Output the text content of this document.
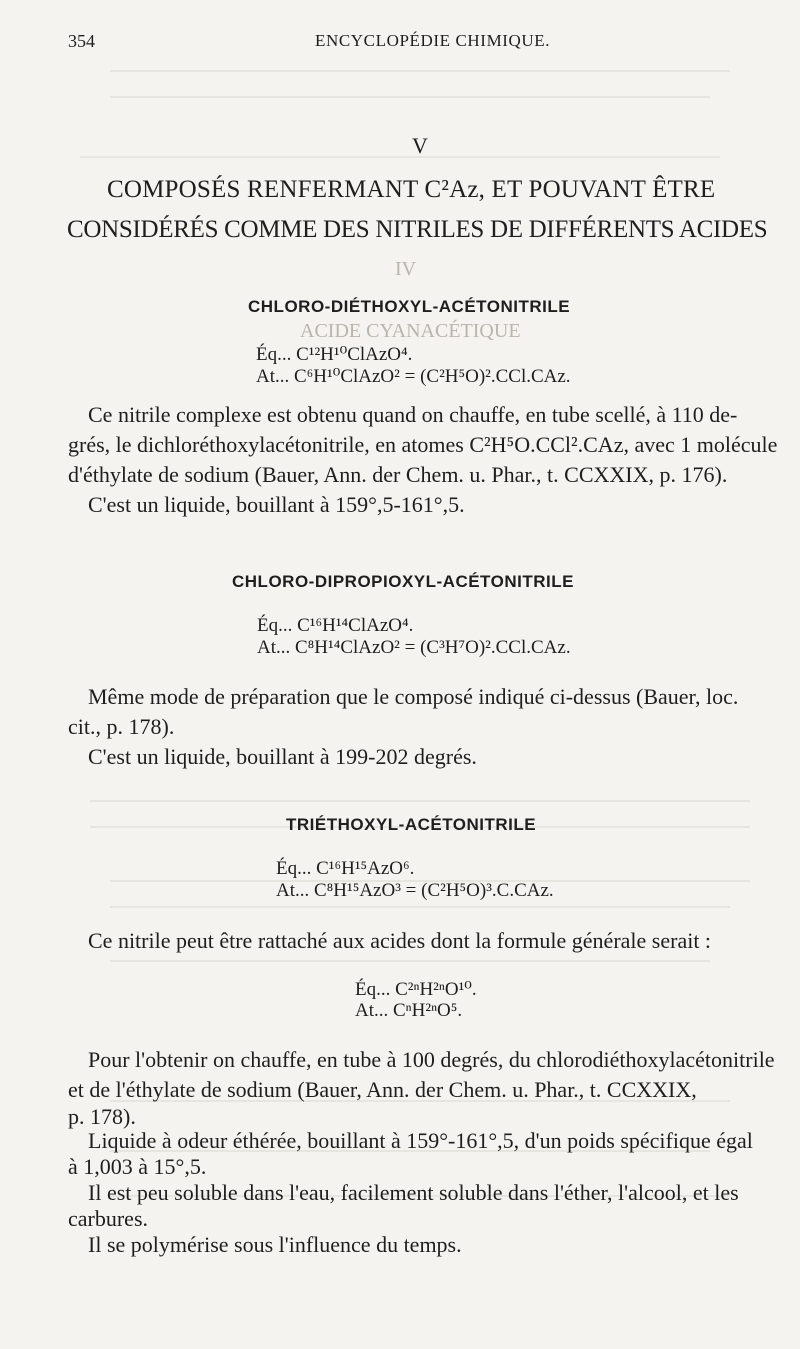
IV
ACIDE CYANACÉTIQUE
354	ENCYCLOPÉDIE CHIMIQUE.
V
COMPOSÉS RENFERMANT C²Az, ET POUVANT ÊTRE
CONSIDÉRÉS COMME DES NITRILES DE DIFFÉRENTS ACIDES
CHLORO-DIÉTHOXYL-ACÉTONITRILE
Éq... C¹²H¹⁰ClAzO⁴.
At... C⁶H¹⁰ClAzO² = (C²H⁵O)².CCl.CAz.
Ce nitrile complexe est obtenu quand on chauffe, en tube scellé, à 110 de-
grés, le dichloréthoxylacétonitrile, en atomes C²H⁵O.CCl².CAz, avec 1 molécule
d'éthylate de sodium (Bauer, Ann. der Chem. u. Phar., t. CCXXIX, p. 176).
C'est un liquide, bouillant à 159°,5-161°,5.
CHLORO-DIPROPIOXYL-ACÉTONITRILE
Éq... C¹⁶H¹⁴ClAzO⁴.
At... C⁸H¹⁴ClAzO² = (C³H⁷O)².CCl.CAz.
Même mode de préparation que le composé indiqué ci-dessus (Bauer, loc.
cit., p. 178).
C'est un liquide, bouillant à 199-202 degrés.
TRIÉTHOXYL-ACÉTONITRILE
Éq... C¹⁶H¹⁵AzO⁶.
At... C⁸H¹⁵AzO³ = (C²H⁵O)³.C.CAz.
Ce nitrile peut être rattaché aux acides dont la formule générale serait :
Éq... C²ⁿH²ⁿO¹⁰.
At... CⁿH²ⁿO⁵.
Pour l'obtenir on chauffe, en tube à 100 degrés, du chlorodiéthoxylacétonitrile
et de l'éthylate de sodium (Bauer, Ann. der Chem. u. Phar., t. CCXXIX,
p. 178).
Liquide à odeur éthérée, bouillant à 159°-161°,5, d'un poids spécifique égal
à 1,003 à 15°,5.
Il est peu soluble dans l'eau, facilement soluble dans l'éther, l'alcool, et les
carbures.
Il se polymérise sous l'influence du temps.
